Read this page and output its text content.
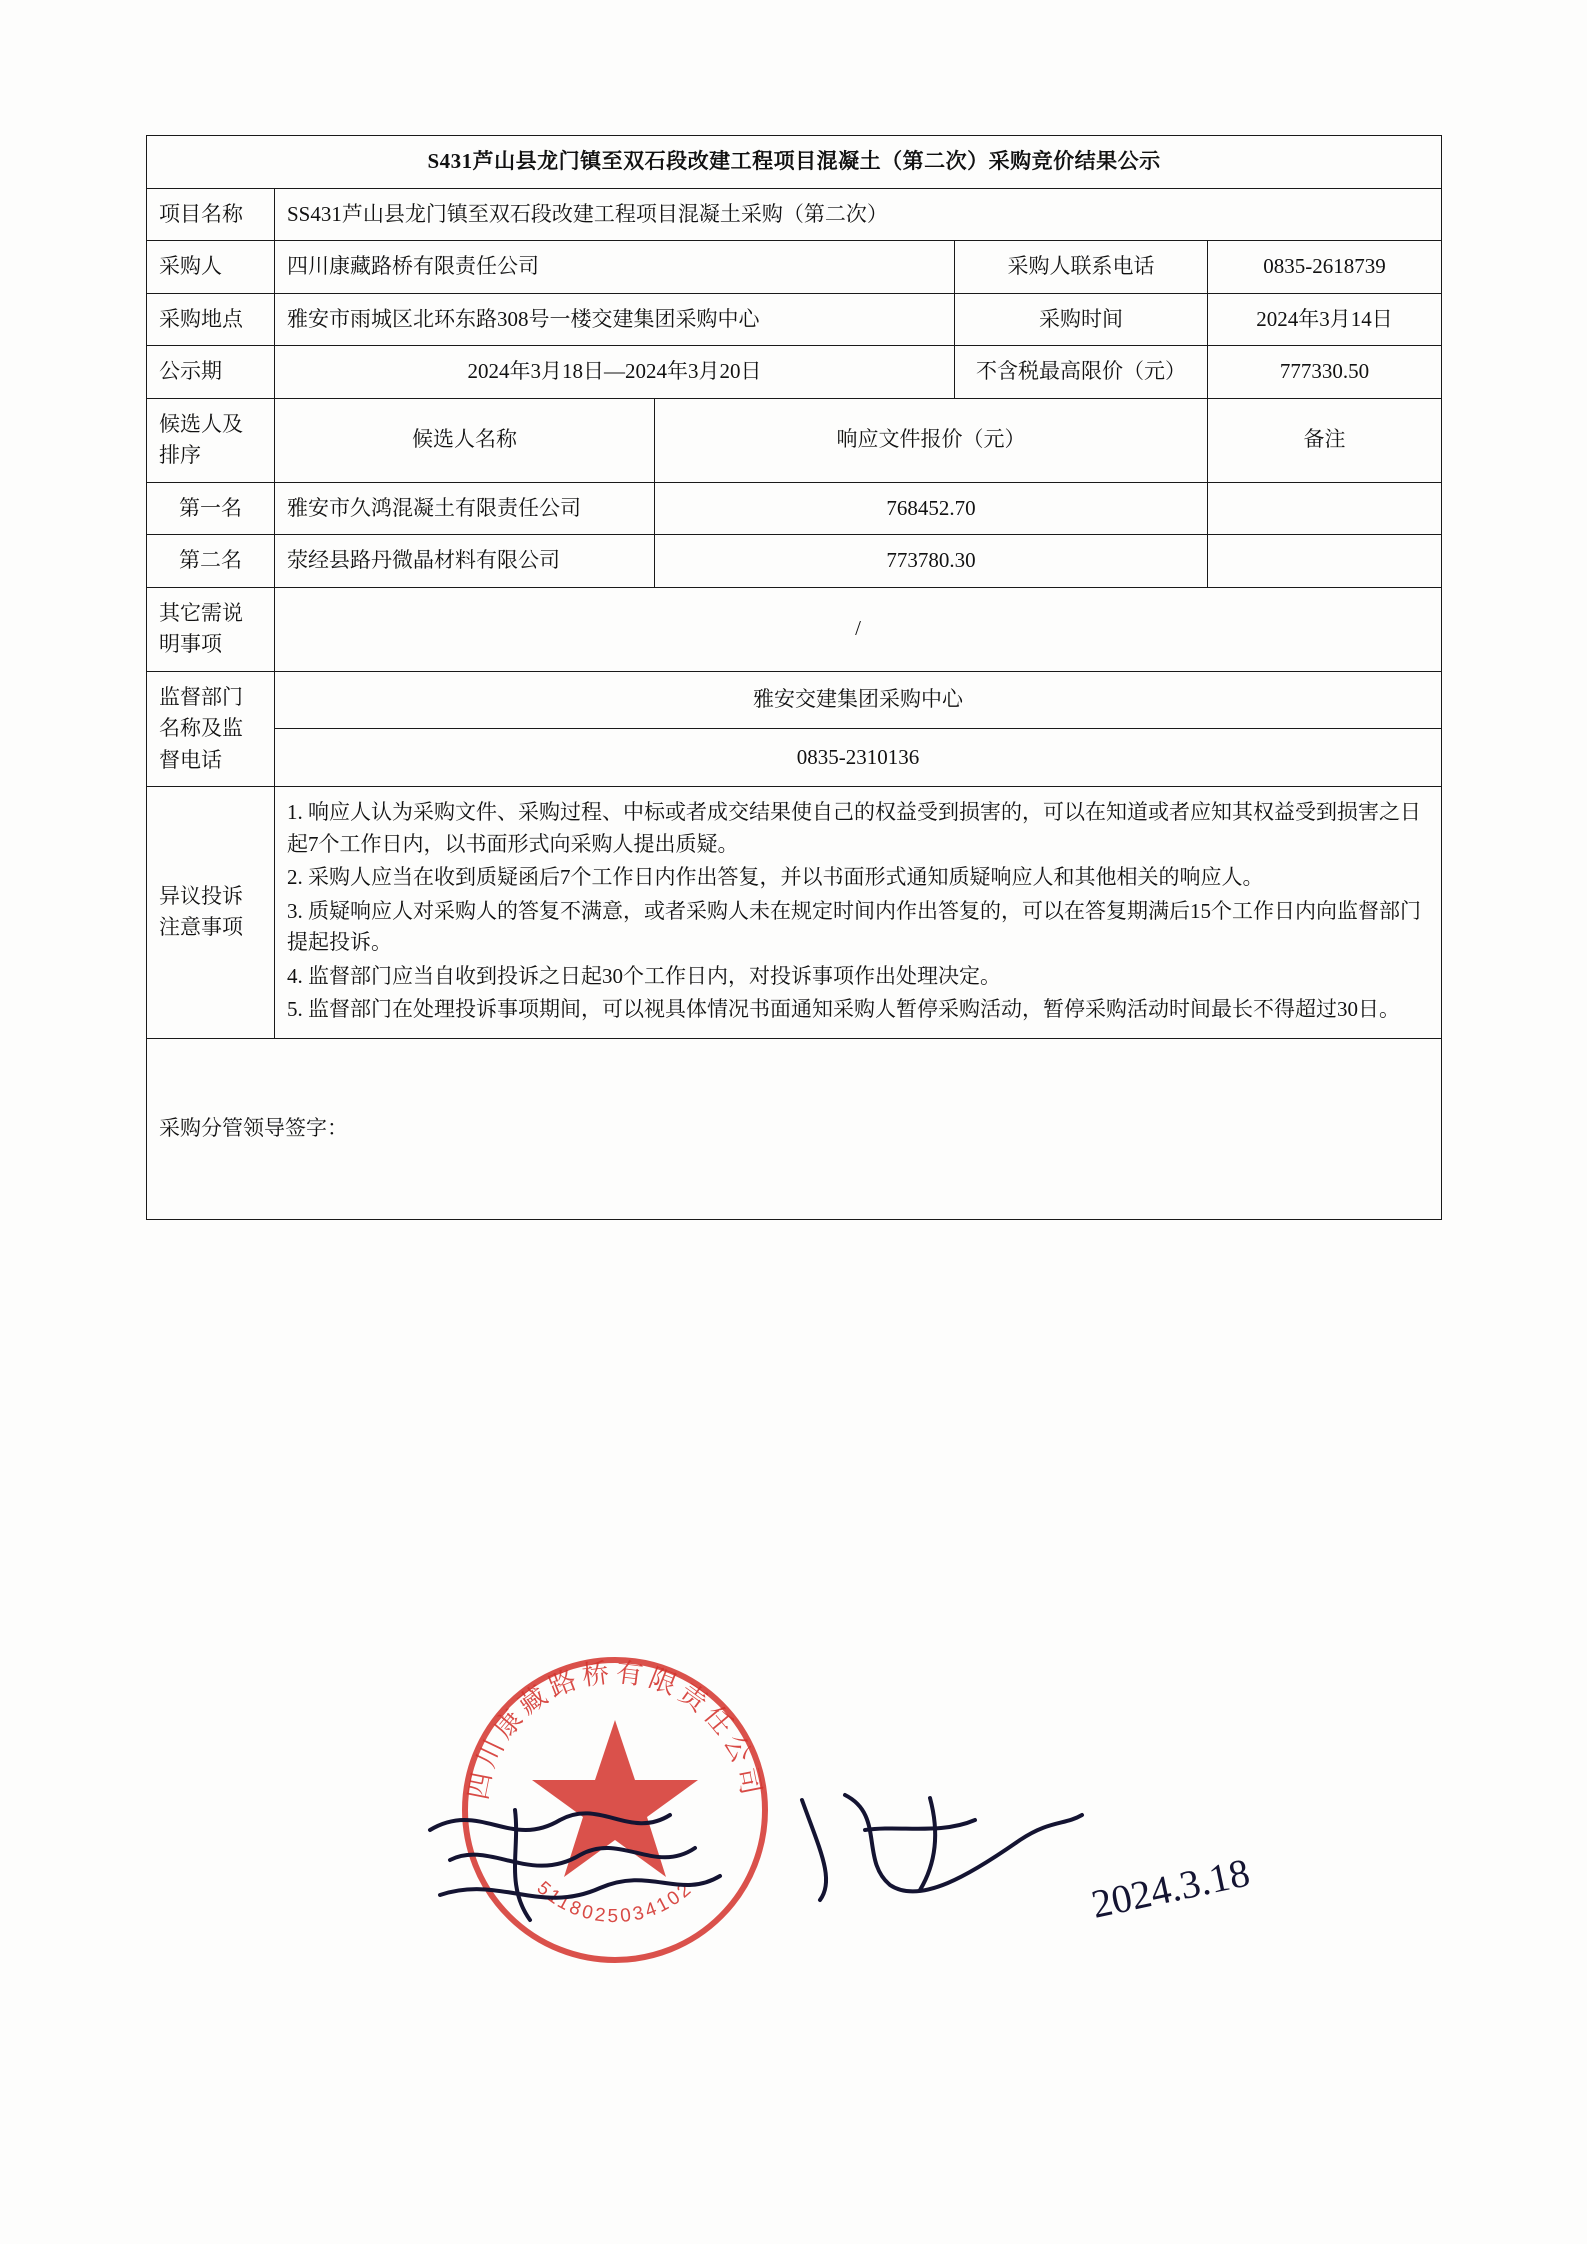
S431芦山县龙门镇至双石段改建工程项目混凝土（第二次）采购竞价结果公示				
项目名称	SS431芦山县龙门镇至双石段改建工程项目混凝土采购（第二次）			
采购人	四川康藏路桥有限责任公司		采购人联系电话	0835-2618739
采购地点	雅安市雨城区北环东路308号一楼交建集团采购中心		采购时间	2024年3月14日
公示期	2024年3月18日—2024年3月20日		不含税最高限价（元）	777330.50
候选人及排序	候选人名称	响应文件报价（元）		备注
第一名	雅安市久鸿混凝土有限责任公司	768452.70		
第二名	荥经县路丹微晶材料有限公司	773780.30		
其它需说明事项	/			
监督部门名称及监督电话	雅安交建集团采购中心			
	0835-2310136			
异议投诉注意事项	1. 响应人认为采购文件、采购过程、中标或者成交结果使自己的权益受到损害的，可以在知道或者应知其权益受到损害之日起7个工作日内，以书面形式向采购人提出质疑。

2. 采购人应当在收到质疑函后7个工作日内作出答复，并以书面形式通知质疑响应人和其他相关的响应人。

3. 质疑响应人对采购人的答复不满意，或者采购人未在规定时间内作出答复的，可以在答复期满后15个工作日内向监督部门提起投诉。

4. 监督部门应当自收到投诉之日起30个工作日内，对投诉事项作出处理决定。

5. 监督部门在处理投诉事项期间，可以视具体情况书面通知采购人暂停采购活动，暂停采购活动时间最长不得超过30日。			

采购分管领导签字：				
四川康藏路桥有限责任公司
5118025034102	2024.3.18
